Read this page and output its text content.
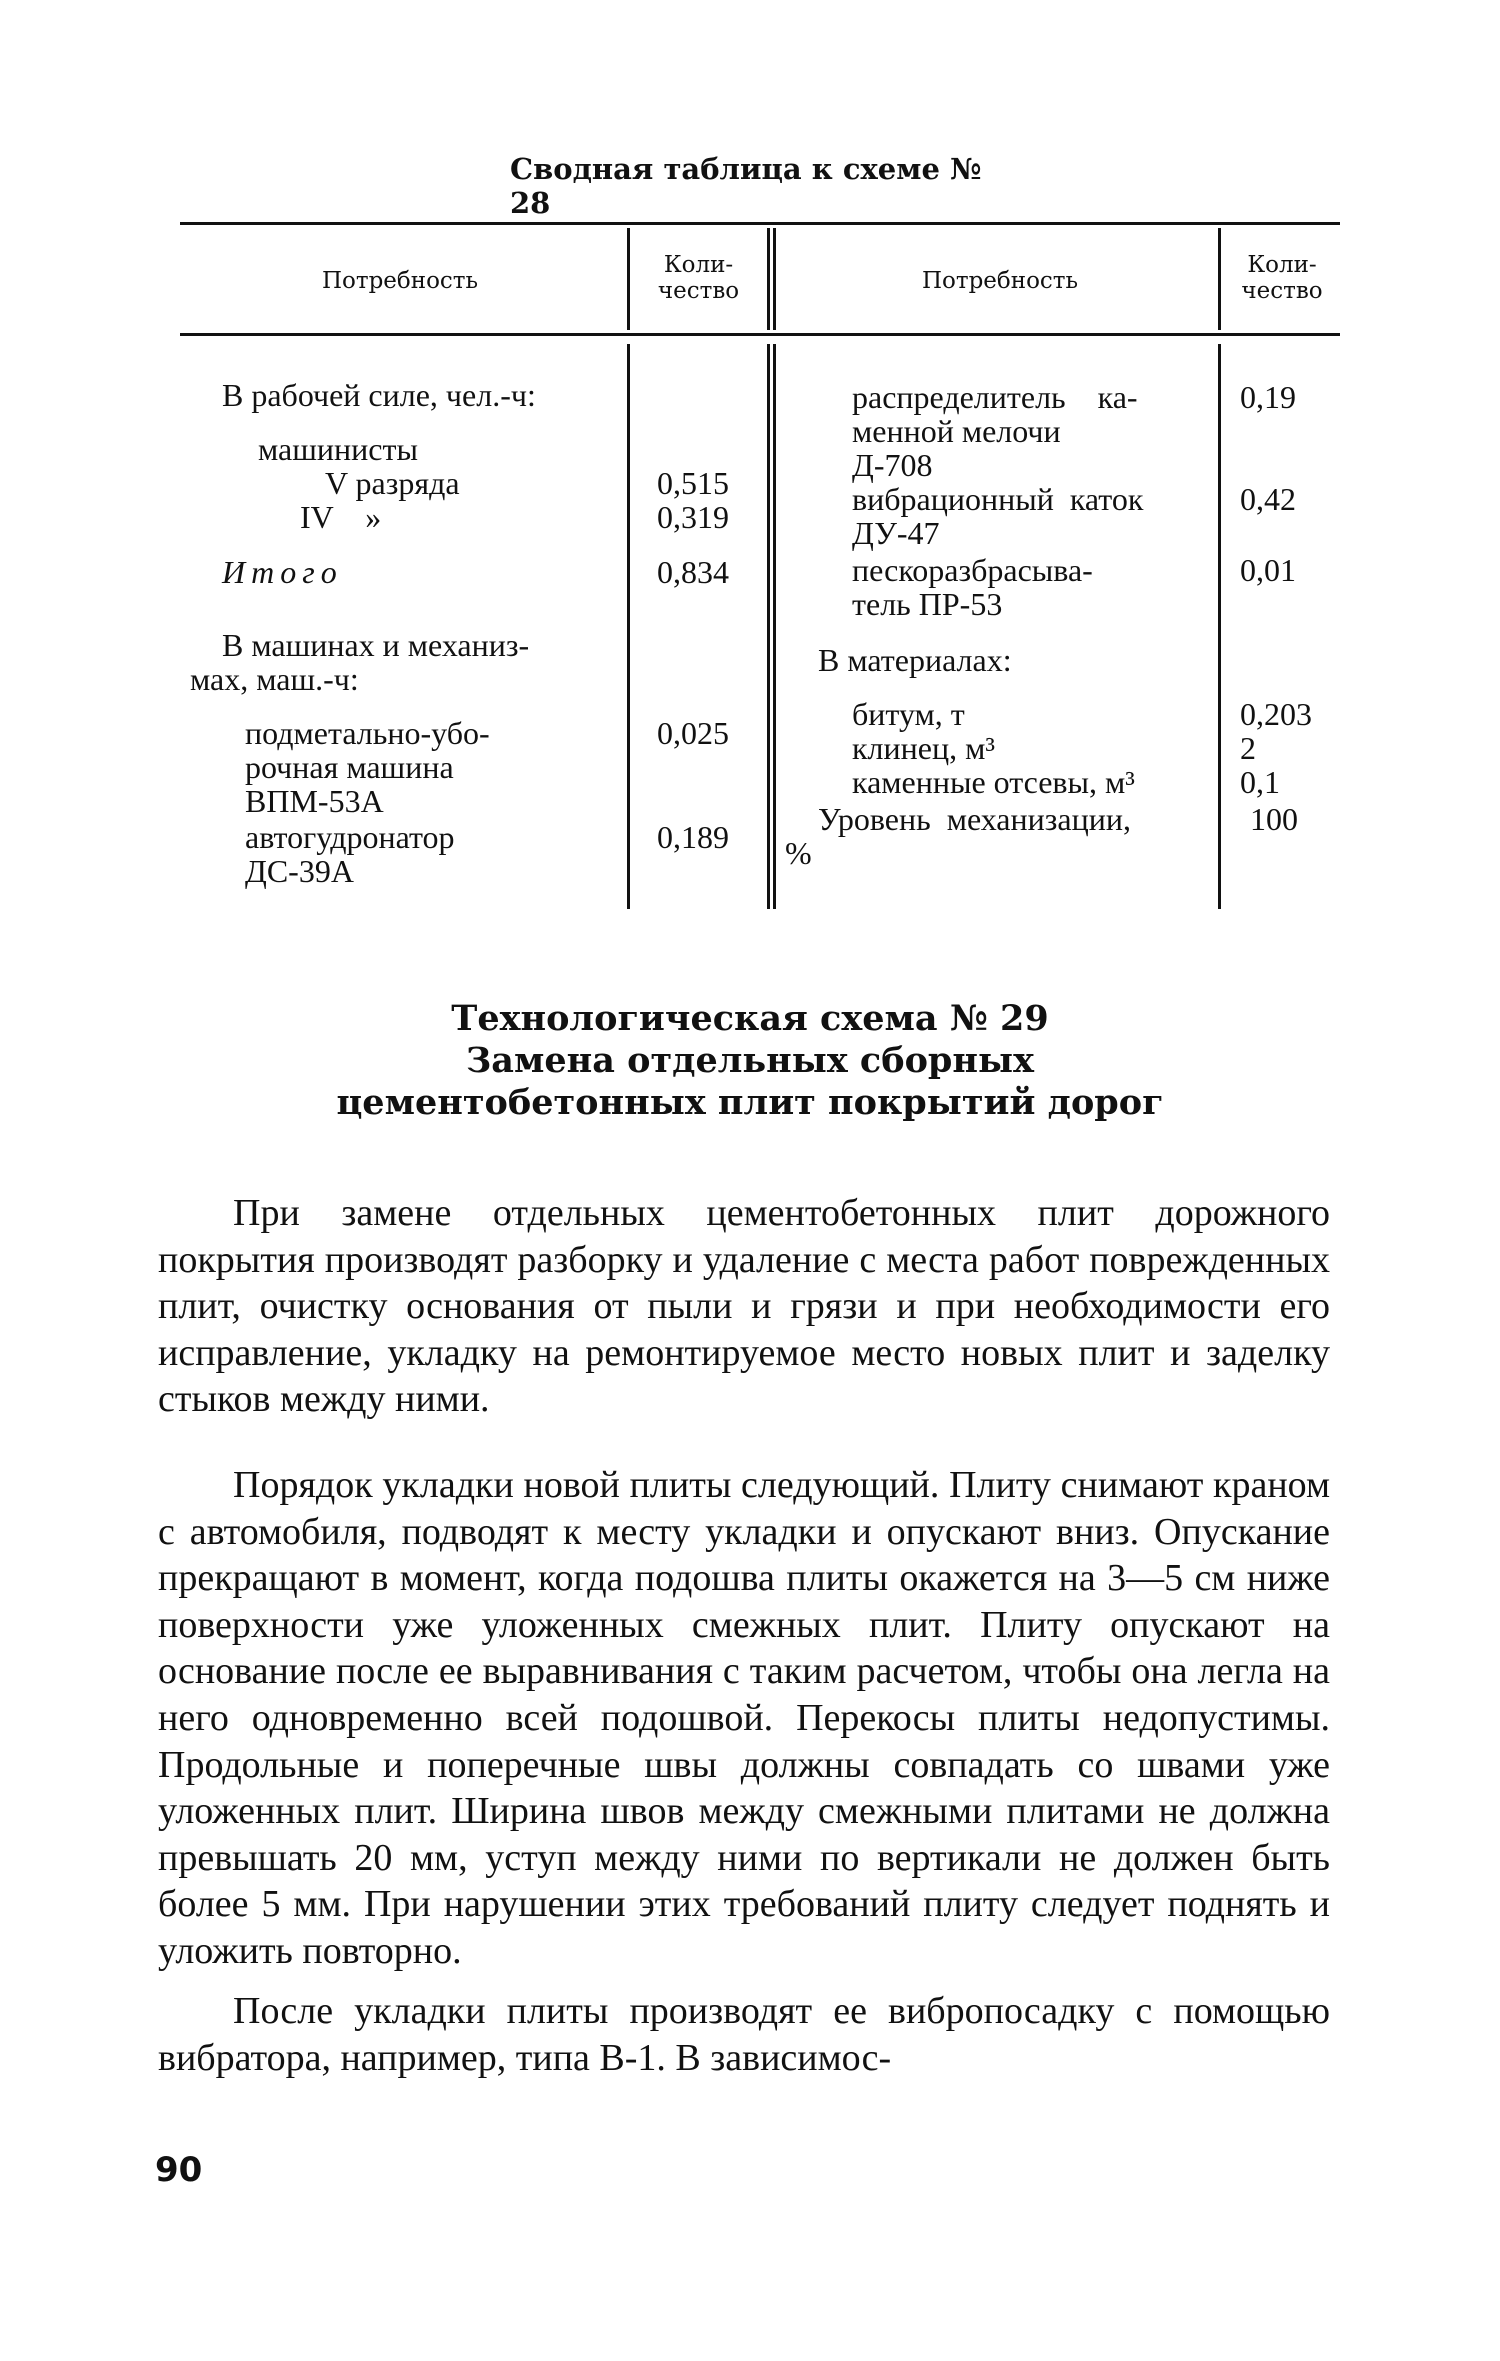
Сводная таблица к схеме № 28
Потребность
Коли-
чество	Потребность
Коли-
чество
В рабочей силе, чел.-ч:
машинисты
V разряда
IV    »
Итого
В машинах и механиз-
мах, маш.-ч:
подметально-убо-
рочная машина
ВПМ-53А
автогудронатор
ДС-39А
0,515
0,319
0,834
0,025
0,189
распределитель    ка-
менной мелочи
Д-708
вибрационный  каток
ДУ-47
пескоразбрасыва-
тель ПР-53
В материалах:
битум, т
клинец, м³
каменные отсевы, м³
Уровень  механизации,
%
0,19
0,42
0,01
0,203
2
0,1
100
Технологическая схема № 29
Замена отдельных сборных
цементобетонных плит покрытий дорог
При замене отдельных цементобетонных плит дорожного покрытия производят разборку и удаление с места работ поврежденных плит, очистку основания от пыли и грязи и при необходимости его исправление, укладку на ремонтируемое место новых плит и заделку стыков между ними.
Порядок укладки новой плиты следующий. Плиту снимают краном с автомобиля, подводят к месту укладки и опускают вниз. Опускание прекращают в момент, когда подошва плиты окажется на 3—5 см ниже поверхности уже уложенных смежных плит. Плиту опускают на основание после ее выравнивания с таким расчетом, чтобы она легла на него одновременно всей подошвой. Перекосы плиты недопустимы. Продольные и поперечные швы должны совпадать со швами уже уложенных плит. Ширина швов между смежными плитами не должна превышать 20 мм, уступ между ними по вертикали не должен быть более 5 мм. При нарушении этих требований плиту следует поднять и уложить повторно.
После укладки плиты производят ее вибропосадку с помощью вибратора, например, типа В-1. В зависимос-
90
